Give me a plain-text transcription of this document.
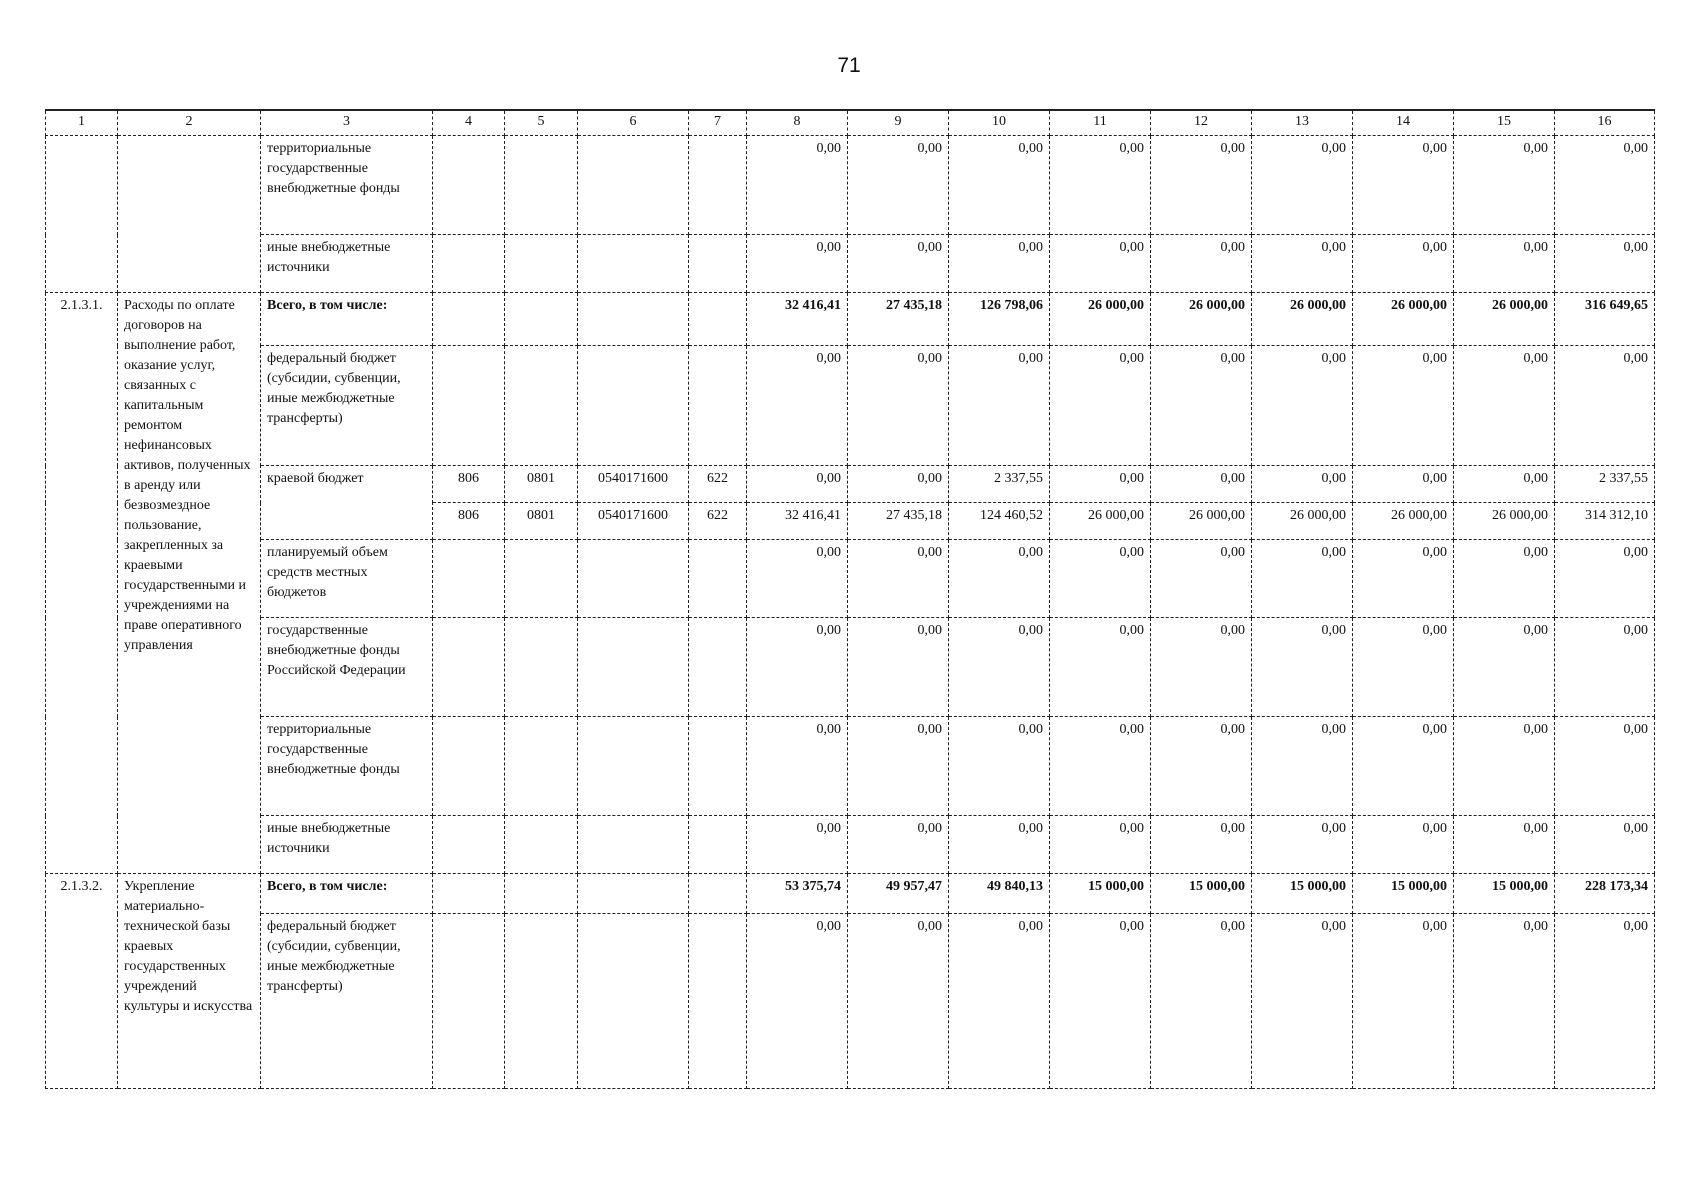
71
1	2	3	4	5	6	7	8	9	10	11	12	13	14	15	16
		территориальные государственные внебюджетные фонды					0,00	0,00	0,00	0,00	0,00	0,00	0,00	0,00	0,00
		иные внебюджетные источники					0,00	0,00	0,00	0,00	0,00	0,00	0,00	0,00	0,00
2.1.3.1.	Расходы по оплате договоров на выполнение работ, оказание услуг, связанных с капитальным ремонтом нефинансовых активов, полученных в аренду или безвозмездное пользование, закрепленных за краевыми государственными и учреждениями на праве оперативного управления	Всего, в том числе:					32 416,41	27 435,18	126 798,06	26 000,00	26 000,00	26 000,00	26 000,00	26 000,00	316 649,65
		федеральный бюджет (субсидии, субвенции, иные межбюджетные трансферты)					0,00	0,00	0,00	0,00	0,00	0,00	0,00	0,00	0,00
		краевой бюджет	806	0801	0540171600	622	0,00	0,00	2 337,55	0,00	0,00	0,00	0,00	0,00	2 337,55
			806	0801	0540171600	622	32 416,41	27 435,18	124 460,52	26 000,00	26 000,00	26 000,00	26 000,00	26 000,00	314 312,10
		планируемый объем средств местных бюджетов					0,00	0,00	0,00	0,00	0,00	0,00	0,00	0,00	0,00
		государственные внебюджетные фонды Российской Федерации					0,00	0,00	0,00	0,00	0,00	0,00	0,00	0,00	0,00
		территориальные государственные внебюджетные фонды					0,00	0,00	0,00	0,00	0,00	0,00	0,00	0,00	0,00
		иные внебюджетные источники					0,00	0,00	0,00	0,00	0,00	0,00	0,00	0,00	0,00
2.1.3.2.	Укрепление материально-технической базы краевых государственных учреждений культуры и искусства	Всего, в том числе:					53 375,74	49 957,47	49 840,13	15 000,00	15 000,00	15 000,00	15 000,00	15 000,00	228 173,34
		федеральный бюджет (субсидии, субвенции, иные межбюджетные трансферты)					0,00	0,00	0,00	0,00	0,00	0,00	0,00	0,00	0,00
